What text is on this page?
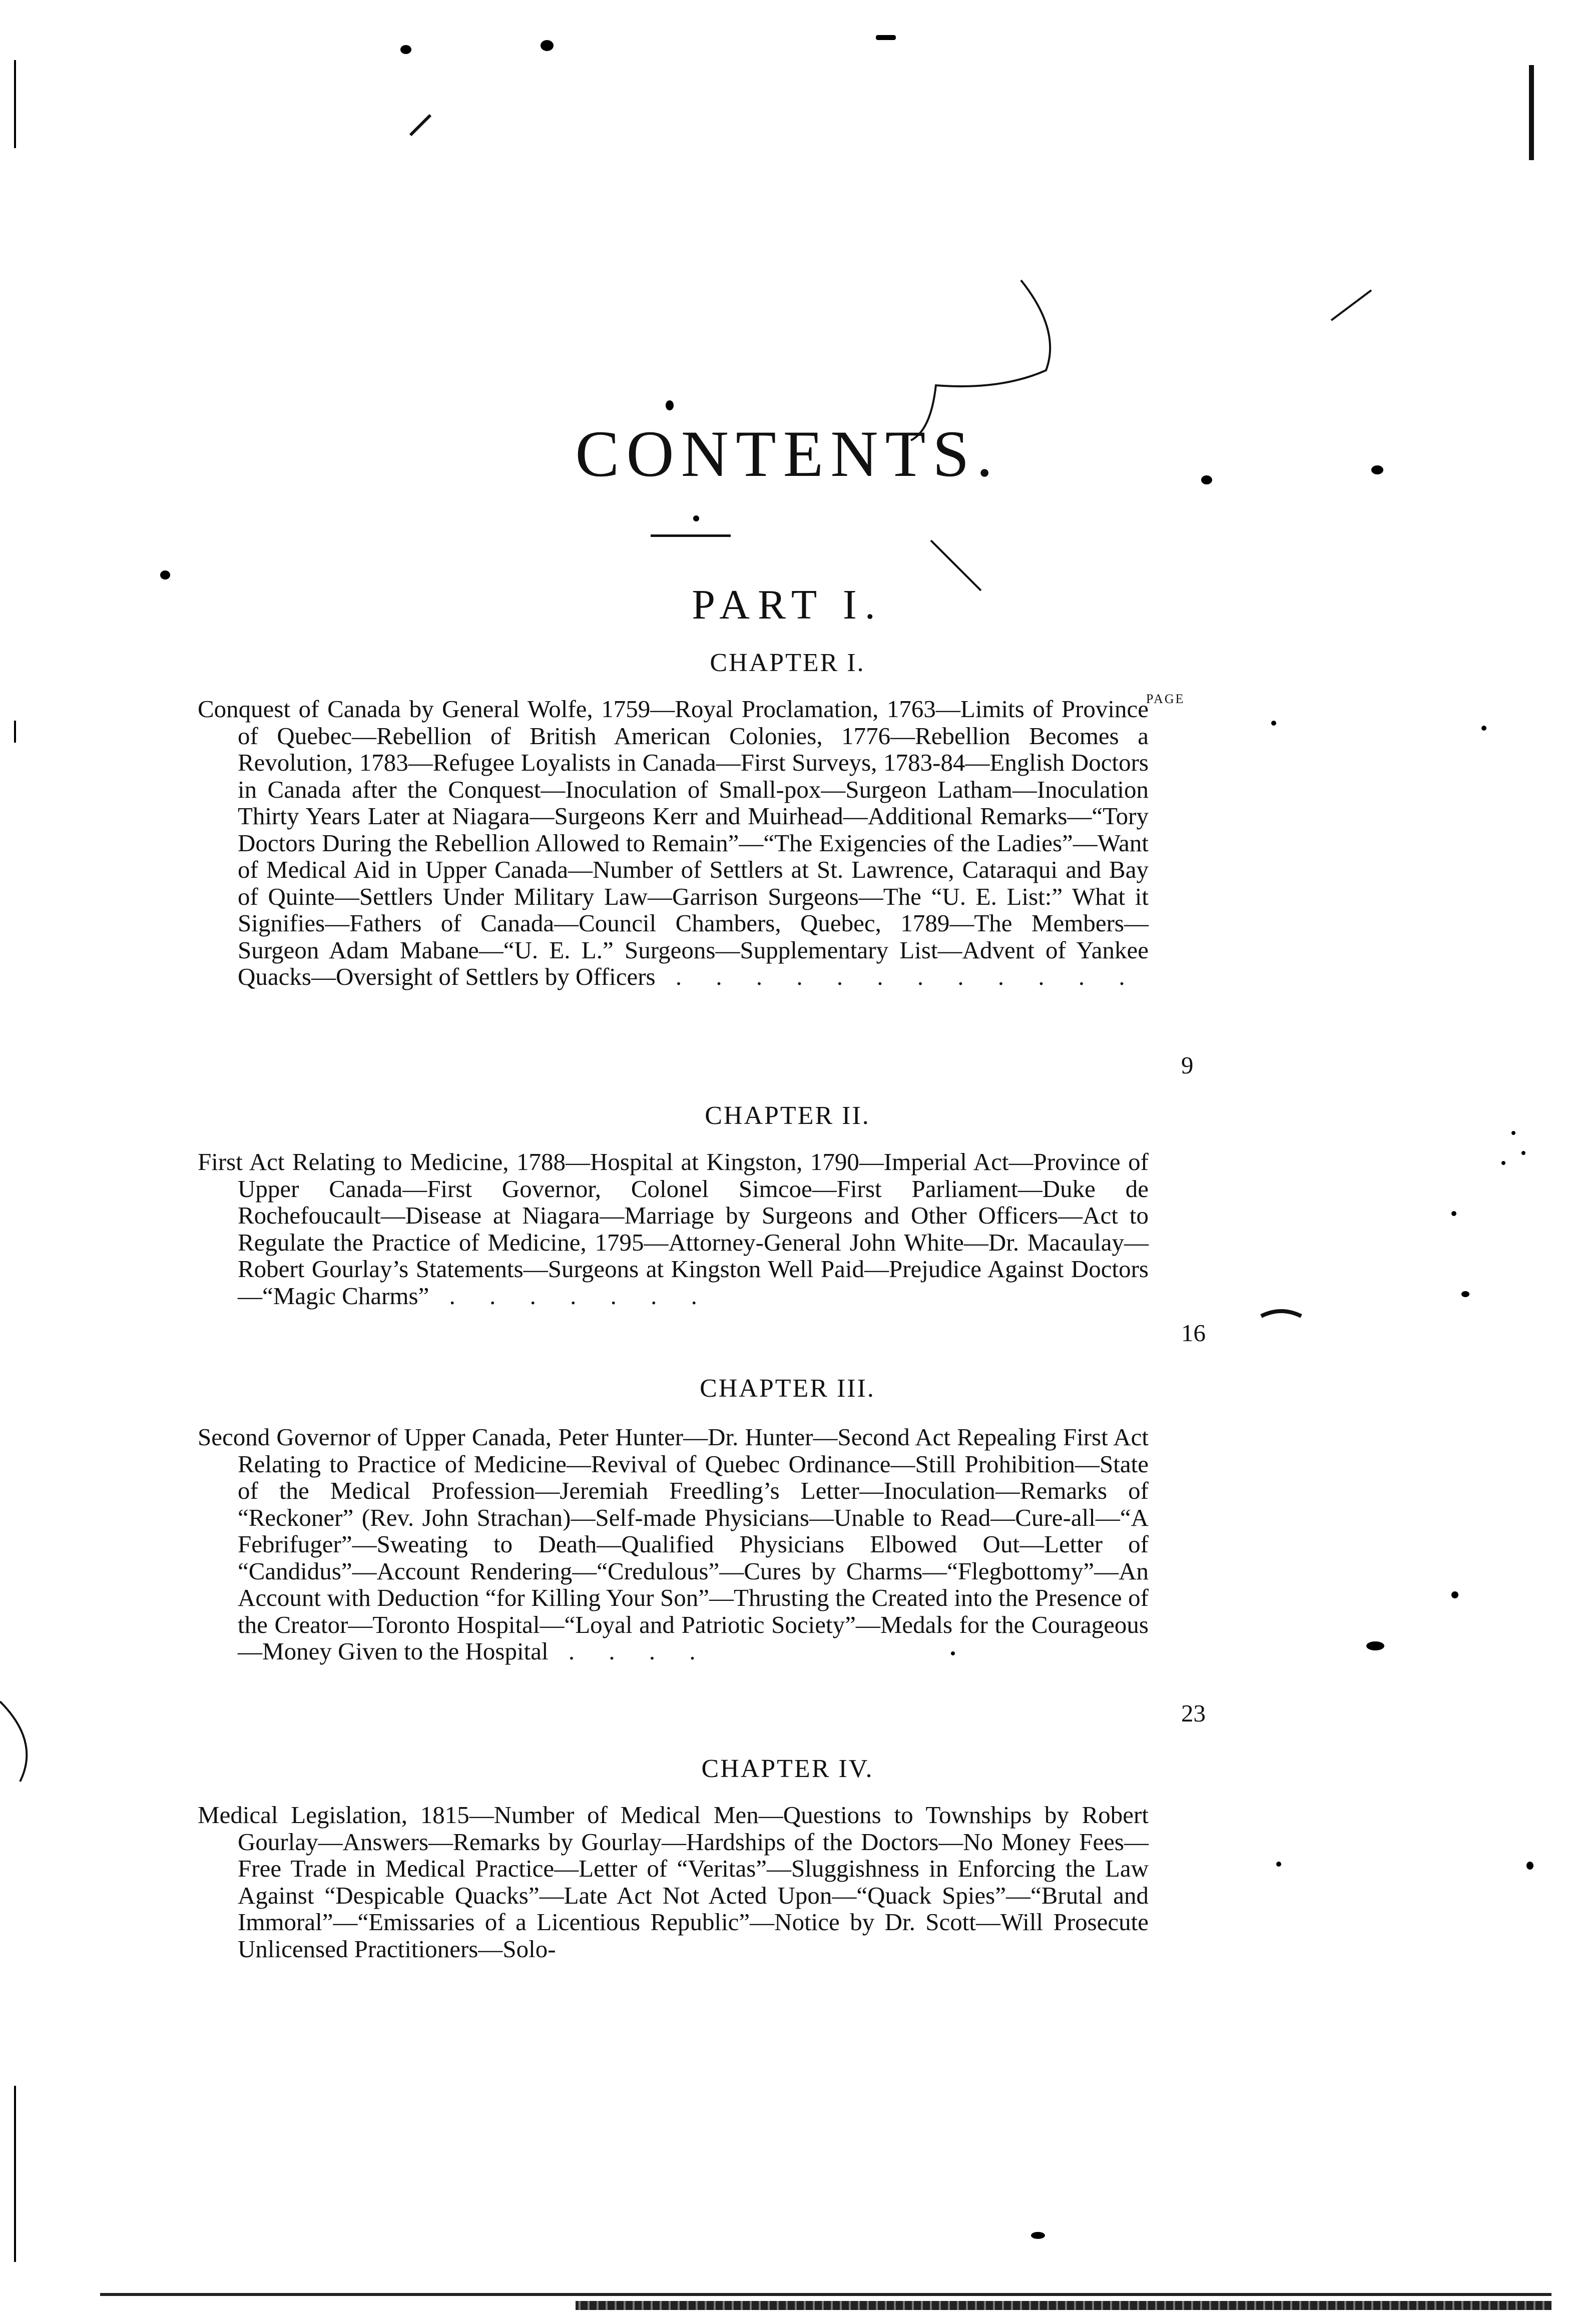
CONTENTS.
PART I.
CHAPTER I.
PAGE
Conquest of Canada by General Wolfe, 1759—Royal Proclamation, 1763—Limits of Province of Quebec—Rebellion of British American Colonies, 1776—Rebellion Becomes a Revolution, 1783—Refugee Loyalists in Canada—First Surveys, 1783-84—English Doctors in Canada after the Conquest—Inoculation of Small-pox—Surgeon Latham—Inoculation Thirty Years Later at Niagara—Surgeons Kerr and Muirhead—Additional Remarks—“Tory Doctors During the Rebellion Allowed to Remain”—“The Exigencies of the Ladies”—Want of Medical Aid in Upper Canada—Number of Settlers at St. Lawrence, Cataraqui and Bay of Quinte—Settlers Under Military Law—Garrison Surgeons—The “U. E. List:” What it Signifies—Fathers of Canada—Council Chambers, Quebec, 1789—The Members—Surgeon Adam Mabane—“U. E. L.” Surgeons—Supplementary List—Advent of Yankee Quacks—Oversight of Settlers by Officers . . . . . . . . . . . .
9
CHAPTER II.
First Act Relating to Medicine, 1788—Hospital at Kingston, 1790—Imperial Act—Province of Upper Canada—First Governor, Colonel Simcoe—First Parliament—Duke de Rochefoucault—Disease at Niagara—Marriage by Surgeons and Other Officers—Act to Regulate the Practice of Medicine, 1795—Attorney-General John White—Dr. Macaulay—Robert Gourlay’s Statements—Surgeons at Kingston Well Paid—Prejudice Against Doctors—“Magic Charms” . . . . . . .
16
CHAPTER III.
Second Governor of Upper Canada, Peter Hunter—Dr. Hunter—Second Act Repealing First Act Relating to Practice of Medicine—Revival of Quebec Ordinance—Still Prohibition—State of the Medical Profession—Jeremiah Freedling’s Letter—Inoculation—Remarks of “Reckoner” (Rev. John Strachan)—Self-made Physicians—Unable to Read—Cure-all—“A Febrifuger”—Sweating to Death—Qualified Physicians Elbowed Out—Letter of “Candidus”—Account Rendering—“Credulous”—Cures by Charms—“Flegbottomy”—An Account with Deduction “for Killing Your Son”—Thrusting the Created into the Presence of the Creator—Toronto Hospital—“Loyal and Patriotic Society”—Medals for the Courageous—Money Given to the Hospital . . . .
23
CHAPTER IV.
Medical Legislation, 1815—Number of Medical Men—Questions to Townships by Robert Gourlay—Answers—Remarks by Gourlay—Hardships of the Doctors—No Money Fees—Free Trade in Medical Practice—Letter of “Veritas”—Sluggishness in Enforcing the Law Against “Despicable Quacks”—Late Act Not Acted Upon—“Quack Spies”—“Brutal and Immoral”—“Emissaries of a Licentious Republic”—Notice by Dr. Scott—Will Prosecute Unlicensed Practitioners—Solo-
